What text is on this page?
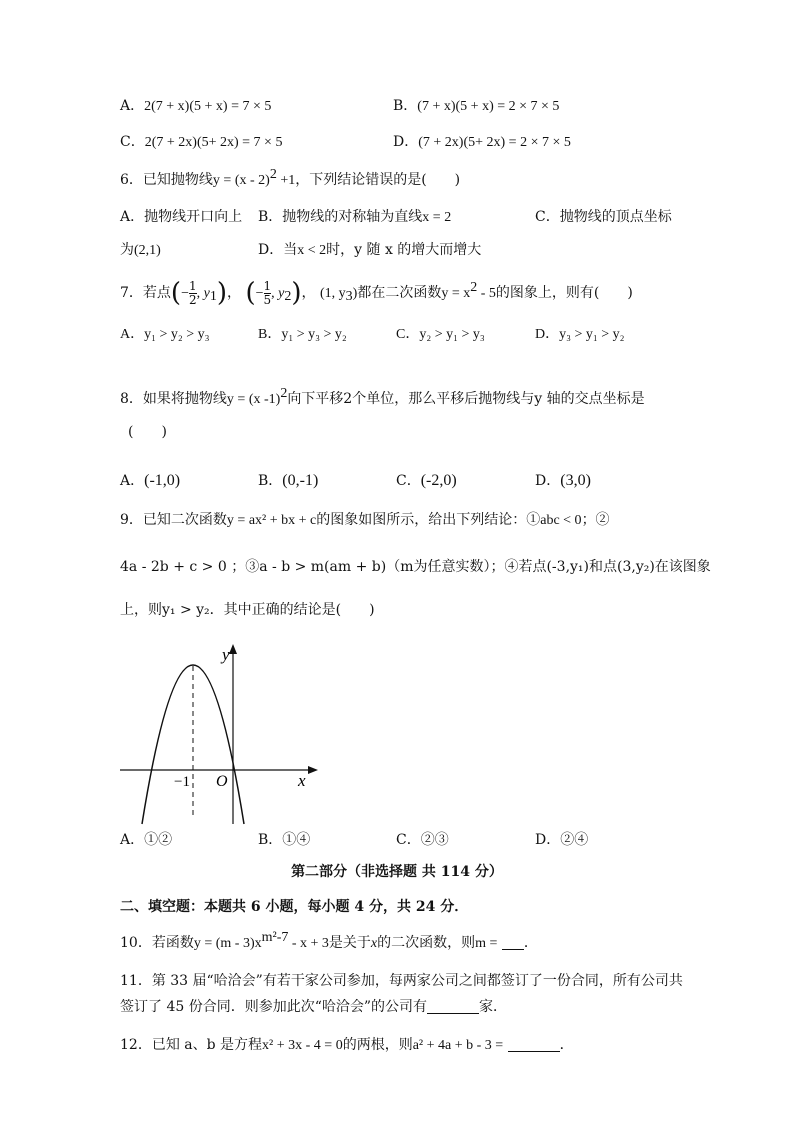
A．2(7 + x)(5 + x) = 7 × 5	B．(7 + x)(5 + x) = 2 × 7 × 5
C．2(7 + 2x)(5+ 2x) = 7 × 5	D．(7 + 2x)(5+ 2x) = 2 × 7 × 5
6．已知抛物线y = (x - 2)$^2$ +1，下列结论错误的是(　　)
A．抛物线开口向上 B．抛物线的对称轴为直线x = 2	C．抛物线的顶点坐标
为(2,1)	D．当x < 2时，y 随 x 的增大而增大
7．若点(− $\frac{1}{2}$ , $y_1$)， (− $\frac{1}{5}$ , $y_2$)， (1, $y_3$)都在二次函数$y = x^2 - 5$的图象上，则有(　　)
A．y₁ > y₂ > y₃	B．y₁ > y₃ > y₂	C．y₂ > y₁ > y₃	D．y₃ > y₁ > y₂
8．如果将抛物线y = (x -1)$^2$向下平移2个单位，那么平移后抛物线与y 轴的交点坐标是
(　　)
A．(-1,0)	B．(0,-1)	C．(-2,0)	D．(3,0)
9．已知二次函数y = ax² + bx + c的图象如图所示，给出下列结论：①abc < 0；②
4a - 2b + c > 0 ；③a - b > m(am + b)（m为任意实数）；④若点(-3,y₁)和点(3,y₂)在该图象
上，则y₁ > y₂．其中正确的结论是(　　)
y
x
O
−1
A．①②	B．①④	C．②③	D．②④
第二部分（非选择题 共 114 分）
二、填空题：本题共 6 小题，每小题 4 分，共 24 分．
10．若函数$y = (m - 3)x^{m^2-7} - x + 3$是关于x的二次函数，则m = ．
11．第 33 届“哈洽会”有若干家公司参加，每两家公司之间都签订了一份合同，所有公司共
签订了 45 份合同．则参加此次“哈洽会”的公司有	家．
12．已知 a、b 是方程x² + 3x - 4 = 0的两根，则a² + 4a + b - 3 =	．
